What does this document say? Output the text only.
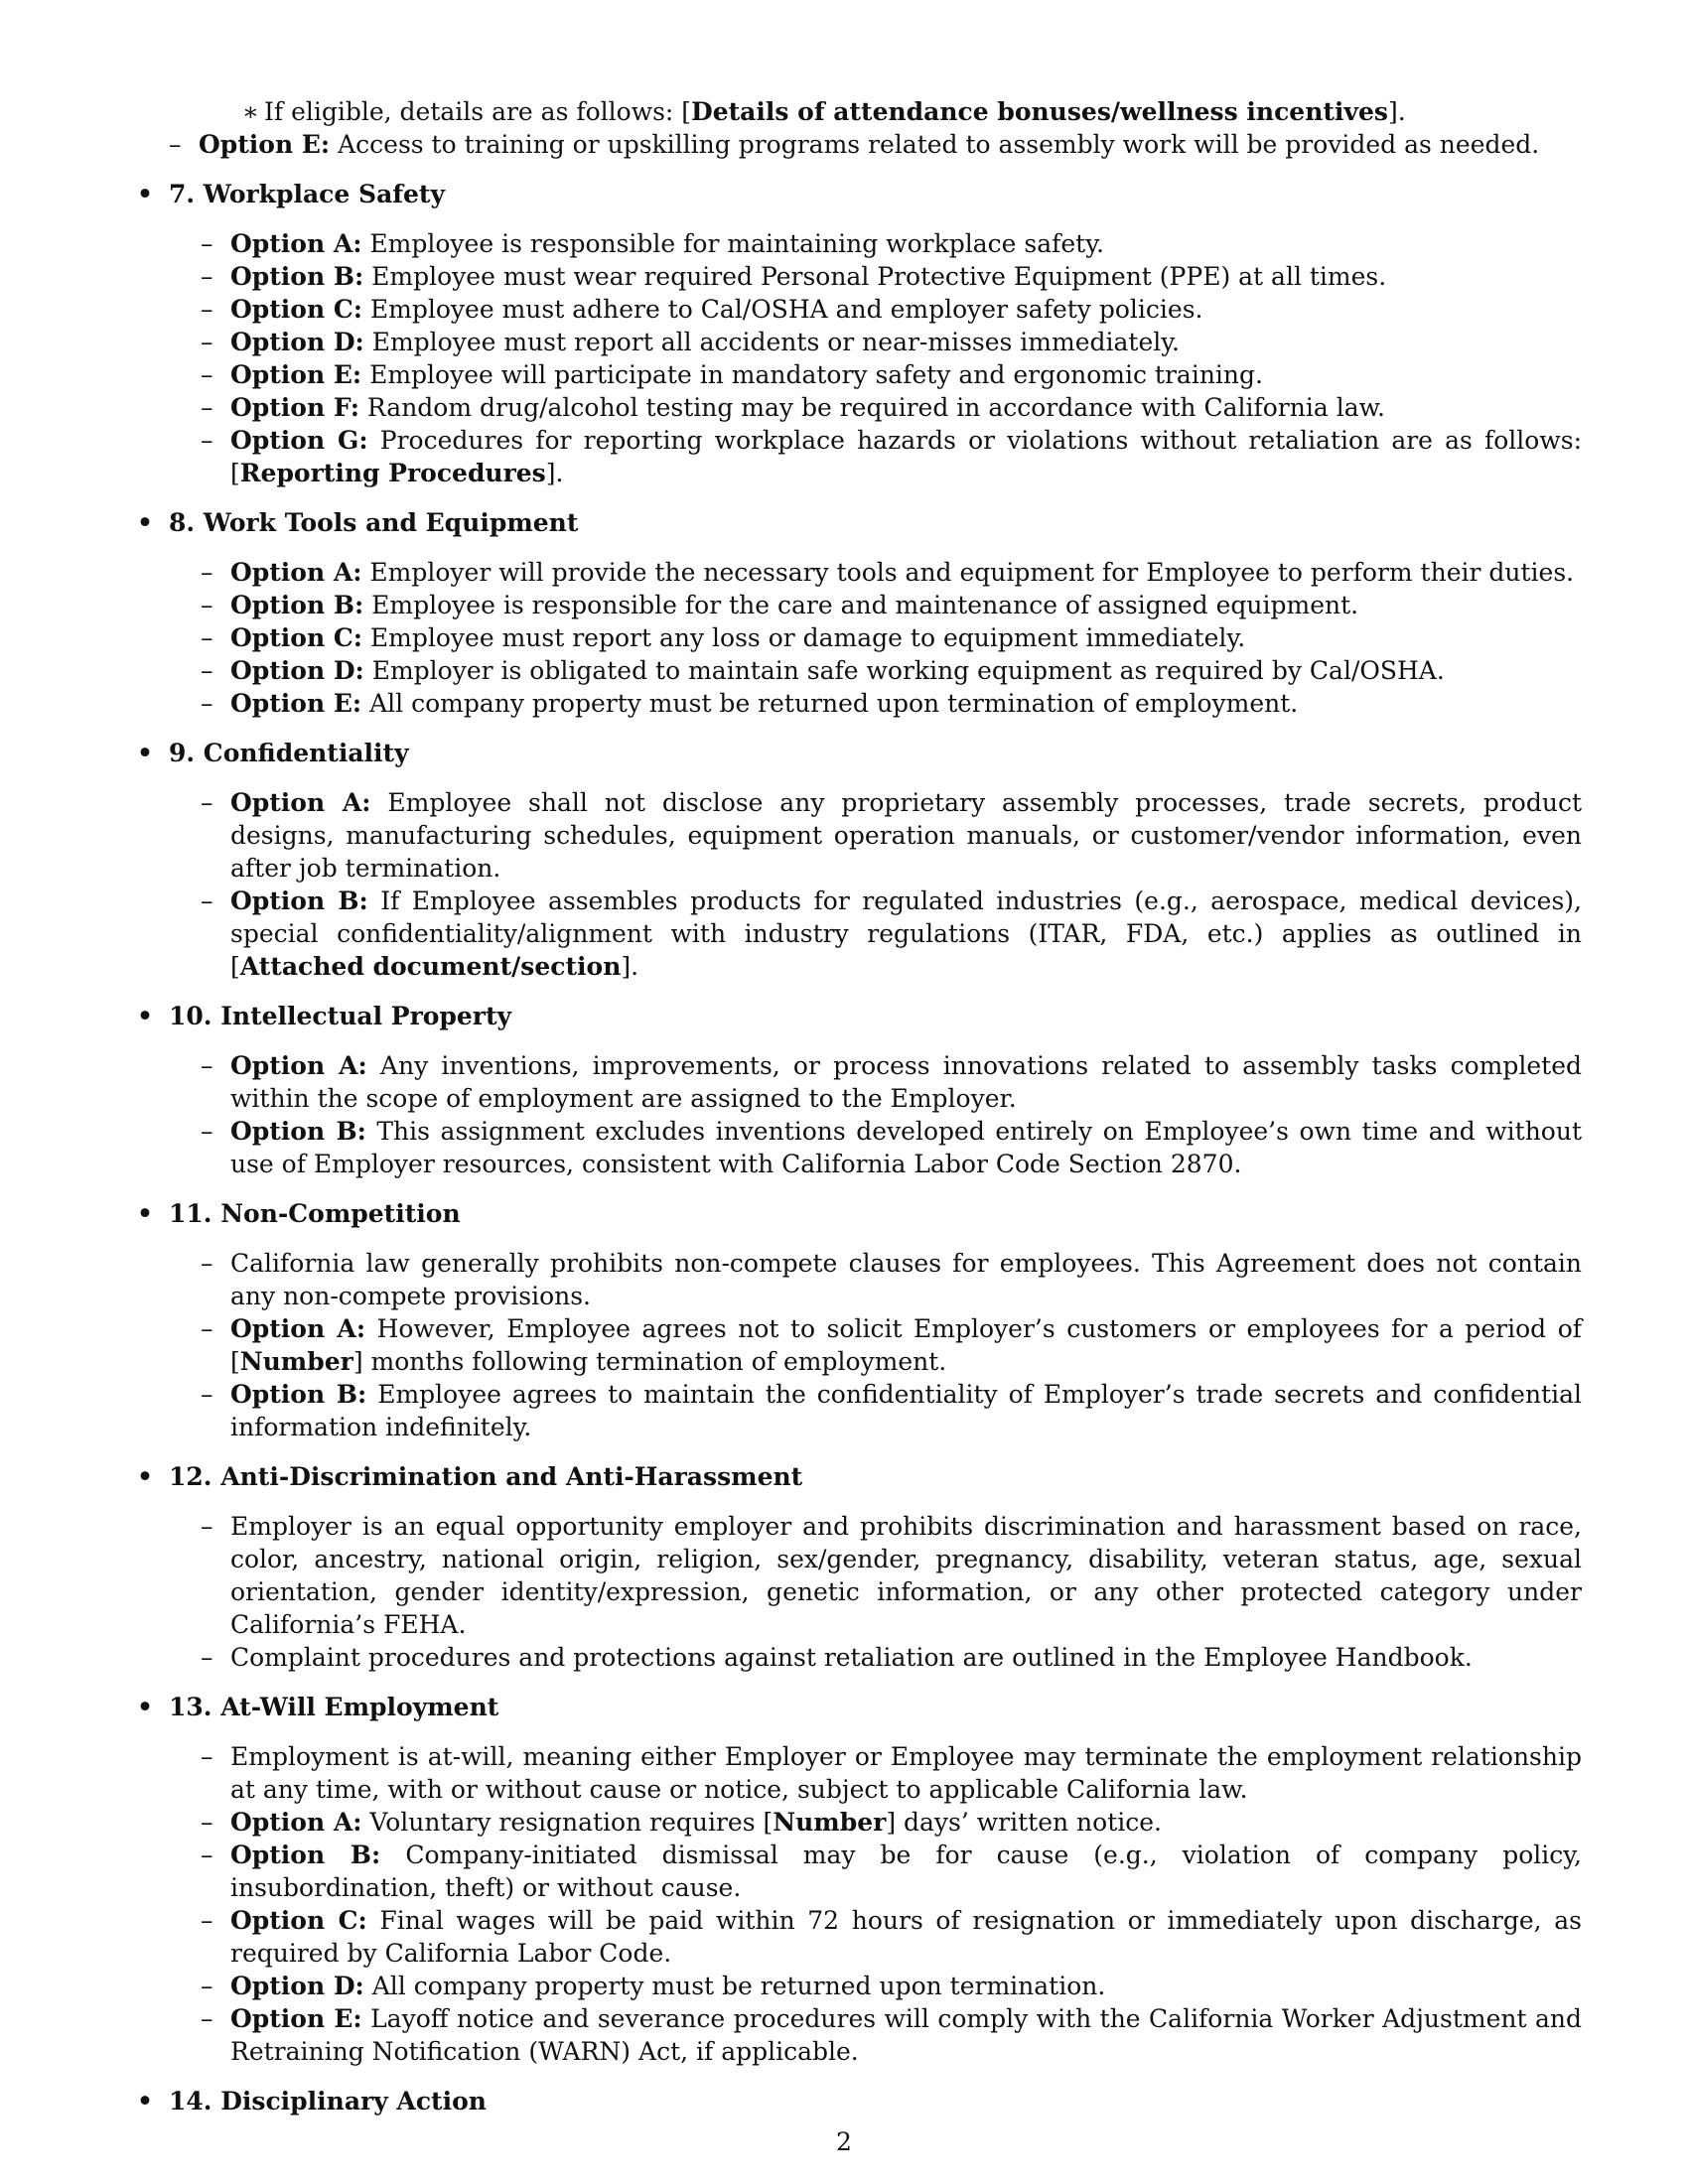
∗ If eligible, details are as follows: [Details of attendance bonuses/wellness incentives].
– Option E: Access to training or upskilling programs related to assembly work will be provided as needed.
• 7. Workplace Safety
– Option A: Employee is responsible for maintaining workplace safety.
– Option B: Employee must wear required Personal Protective Equipment (PPE) at all times.
– Option C: Employee must adhere to Cal/OSHA and employer safety policies.
– Option D: Employee must report all accidents or near-misses immediately.
– Option E: Employee will participate in mandatory safety and ergonomic training.
– Option F: Random drug/alcohol testing may be required in accordance with California law.
– Option G: Procedures for reporting workplace hazards or violations without retaliation are as follows: [Reporting Procedures].
• 8. Work Tools and Equipment
– Option A: Employer will provide the necessary tools and equipment for Employee to perform their duties.
– Option B: Employee is responsible for the care and maintenance of assigned equipment.
– Option C: Employee must report any loss or damage to equipment immediately.
– Option D: Employer is obligated to maintain safe working equipment as required by Cal/OSHA.
– Option E: All company property must be returned upon termination of employment.
• 9. Confidentiality
– Option A: Employee shall not disclose any proprietary assembly processes, trade secrets, product designs, manufacturing schedules, equipment operation manuals, or customer/vendor information, even after job termination.
– Option B: If Employee assembles products for regulated industries (e.g., aerospace, medical devices), special confidentiality/alignment with industry regulations (ITAR, FDA, etc.) applies as outlined in [Attached document/section].
• 10. Intellectual Property
– Option A: Any inventions, improvements, or process innovations related to assembly tasks completed within the scope of employment are assigned to the Employer.
– Option B: This assignment excludes inventions developed entirely on Employee’s own time and without use of Employer resources, consistent with California Labor Code Section 2870.
• 11. Non-Competition
– California law generally prohibits non-compete clauses for employees. This Agreement does not contain any non-compete provisions.
– Option A: However, Employee agrees not to solicit Employer’s customers or employees for a period of [Number] months following termination of employment.
– Option B: Employee agrees to maintain the confidentiality of Employer’s trade secrets and confidential information indefinitely.
• 12. Anti-Discrimination and Anti-Harassment
– Employer is an equal opportunity employer and prohibits discrimination and harassment based on race, color, ancestry, national origin, religion, sex/gender, pregnancy, disability, veteran status, age, sexual orientation, gender identity/expression, genetic information, or any other protected category under California’s FEHA.
– Complaint procedures and protections against retaliation are outlined in the Employee Handbook.
• 13. At-Will Employment
– Employment is at-will, meaning either Employer or Employee may terminate the employment relationship at any time, with or without cause or notice, subject to applicable California law.
– Option A: Voluntary resignation requires [Number] days’ written notice.
– Option B: Company-initiated dismissal may be for cause (e.g., violation of company policy, insubordination, theft) or without cause.
– Option C: Final wages will be paid within 72 hours of resignation or immediately upon discharge, as required by California Labor Code.
– Option D: All company property must be returned upon termination.
– Option E: Layoff notice and severance procedures will comply with the California Worker Adjustment and Retraining Notification (WARN) Act, if applicable.
• 14. Disciplinary Action
2
